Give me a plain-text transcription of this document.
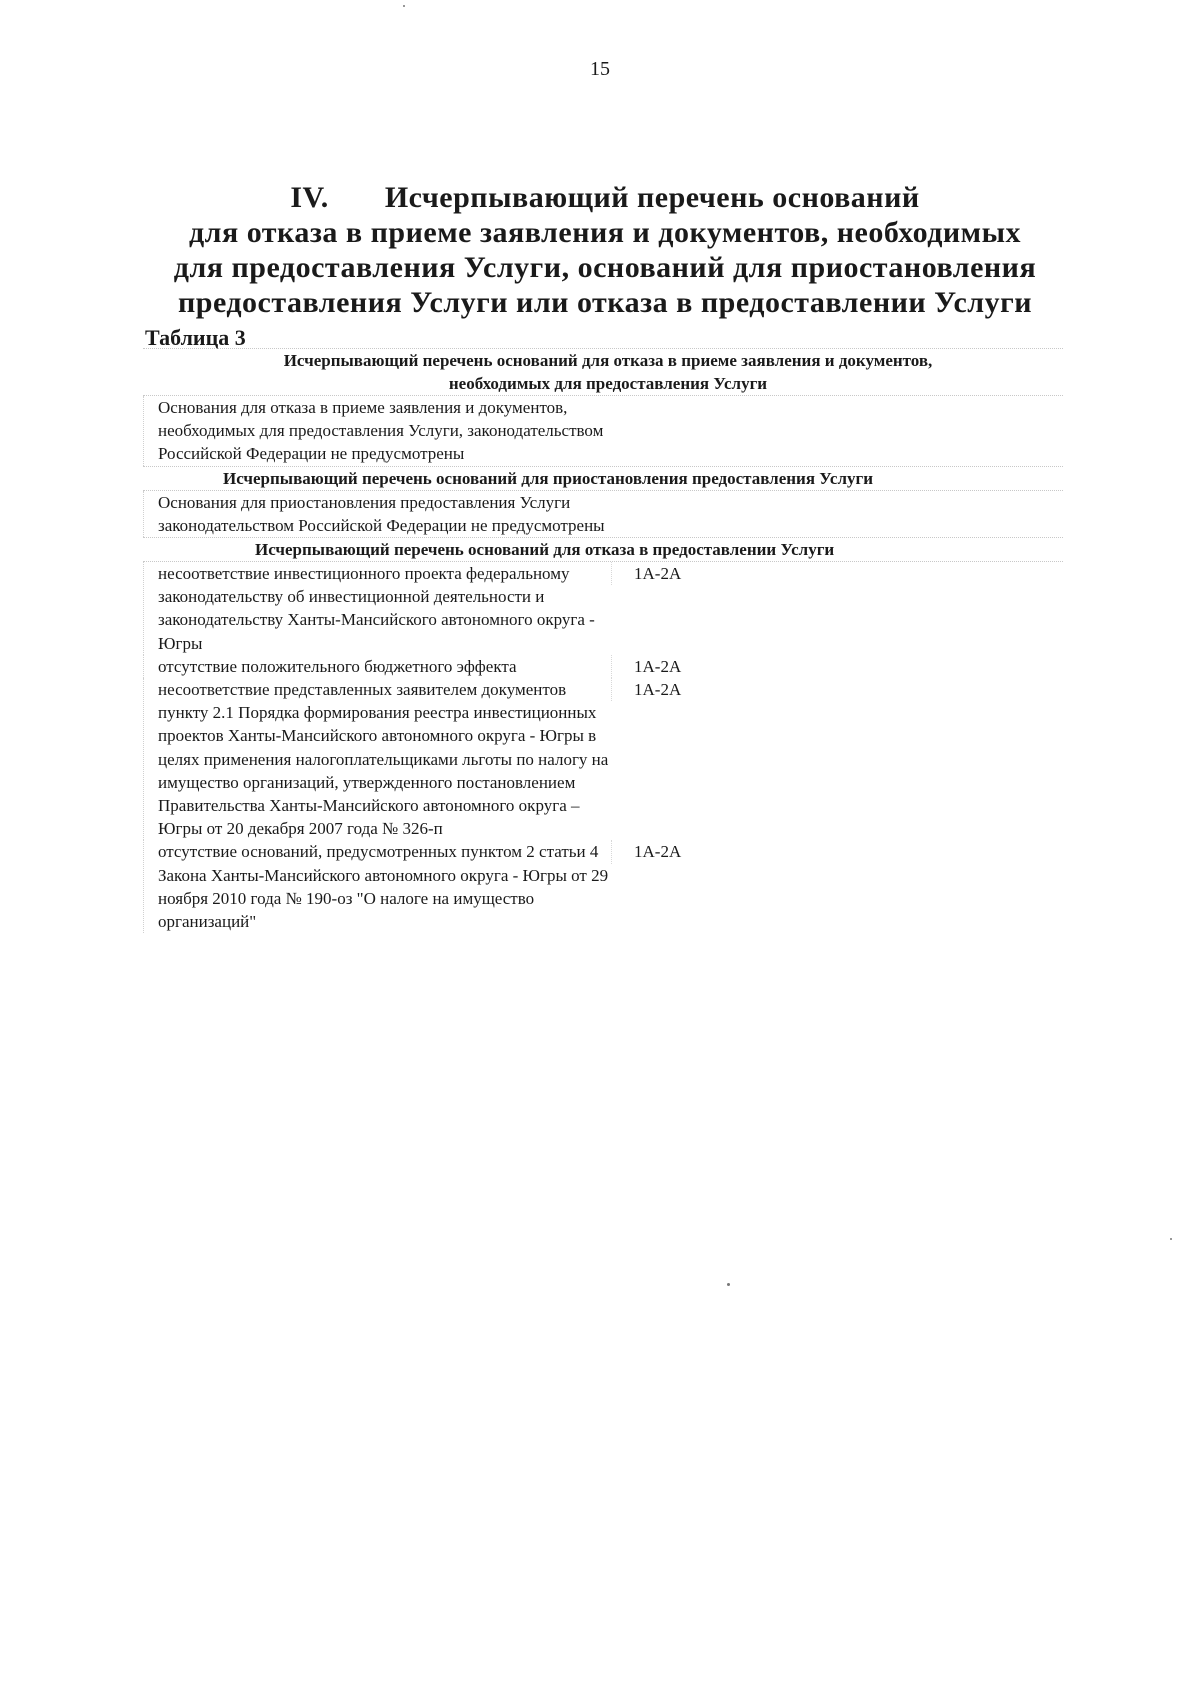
15
IV. Исчерпывающий перечень оснований
для отказа в приеме заявления и документов, необходимых
для предоставления Услуги, оснований для приостановления
предоставления Услуги или отказа в предоставлении Услуги
Таблица 3
Исчерпывающий перечень оснований для отказа в приеме заявления и документов,
необходимых для предоставления Услуги
Основания для отказа в приеме заявления и документов, необходимых для предоставления Услуги, законодательством Российской Федерации не предусмотрены
Исчерпывающий перечень оснований для приостановления предоставления Услуги
Основания для приостановления предоставления Услуги законодательством Российской Федерации не предусмотрены
Исчерпывающий перечень оснований для отказа в предоставлении Услуги
несоответствие инвестиционного проекта федеральному законодательству об инвестиционной деятельности и законодательству Ханты-Мансийского автономного округа - Югры
1А-2А
отсутствие положительного бюджетного эффекта	1А-2А
несоответствие представленных заявителем документов пункту 2.1 Порядка формирования реестра инвестиционных проектов Ханты-Мансийского автономного округа - Югры в целях применения налогоплательщиками льготы по налогу на имущество организаций, утвержденного постановлением Правительства Ханты-Мансийского автономного округа – Югры от 20 декабря 2007 года № 326-п
1А-2А
отсутствие оснований, предусмотренных пунктом 2 статьи 4 Закона Ханты-Мансийского автономного округа - Югры от 29 ноября 2010 года № 190-оз "О налоге на имущество организаций"
1А-2А
